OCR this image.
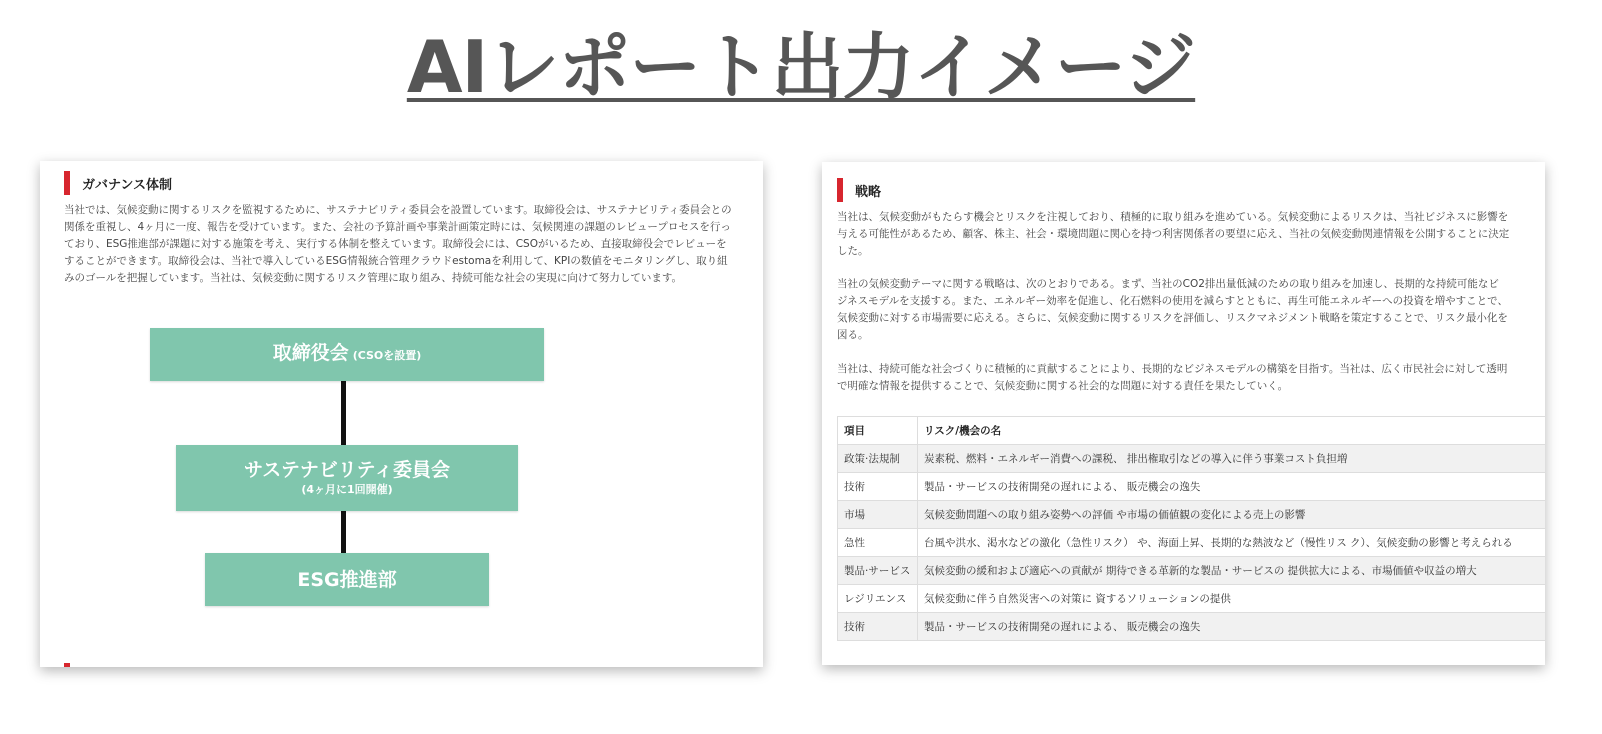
AIレポート出力イメージ
ガバナンス体制

当社では、気候変動に関するリスクを監視するために、サステナビリティ委員会を設置しています。取締役会は、サステナビリティ委員会との

関係を重視し、4ヶ月に一度、報告を受けています。また、会社の予算計画や事業計画策定時には、気候関連の課題のレビュープロセスを行っ

ており、ESG推進部が課題に対する施策を考え、実行する体制を整えています。取締役会には、CSOがいるため、直接取締役会でレビューを

することができます。取締役会は、当社で導入しているESG情報統合管理クラウドestomaを利用して、KPIの数値をモニタリングし、取り組

みのゴールを把握しています。当社は、気候変動に関するリスク管理に取り組み、持続可能な社会の実現に向けて努力しています。

取締役会 (CSOを設置)
サステナビリティ委員会
(4ヶ月に1回開催)
ESG推進部
戦略

当社は、気候変動がもたらす機会とリスクを注視しており、積極的に取り組みを進めている。気候変動によるリスクは、当社ビジネスに影響を

与える可能性があるため、顧客、株主、社会・環境問題に関心を持つ利害関係者の要望に応え、当社の気候変動関連情報を公開することに決定

した。

当社の気候変動テーマに関する戦略は、次のとおりである。まず、当社のCO2排出量低減のための取り組みを加速し、長期的な持続可能なビ

ジネスモデルを支援する。また、エネルギー効率を促進し、化石燃料の使用を減らすとともに、再生可能エネルギーへの投資を増やすことで、

気候変動に対する市場需要に応える。さらに、気候変動に関するリスクを評価し、リスクマネジメント戦略を策定することで、リスク最小化を

図る。

当社は、持続可能な社会づくりに積極的に貢献することにより、長期的なビジネスモデルの構築を目指す。当社は、広く市民社会に対して透明

で明確な情報を提供することで、気候変動に関する社会的な問題に対する責任を果たしていく。

項目	リスク/機会の名
政策·法規制	炭素税、燃料・エネルギー消費への課税、 排出権取引などの導入に伴う事業コスト負担増
技術	製品・サービスの技術開発の遅れによる、 販売機会の逸失
市場	気候変動問題への取り組み姿勢への評価 や市場の価値観の変化による売上の影響
急性	台風や洪水、渇水などの激化（急性リスク） や、海面上昇、長期的な熱波など（慢性リス ク）、気候変動の影響と考えられる
製品·サービス	気候変動の緩和および適応への貢献が 期待できる革新的な製品・サービスの 提供拡大による、市場価値や収益の増大
レジリエンス	気候変動に伴う自然災害への対策に 資するソリューションの提供
技術	製品・サービスの技術開発の遅れによる、 販売機会の逸失
